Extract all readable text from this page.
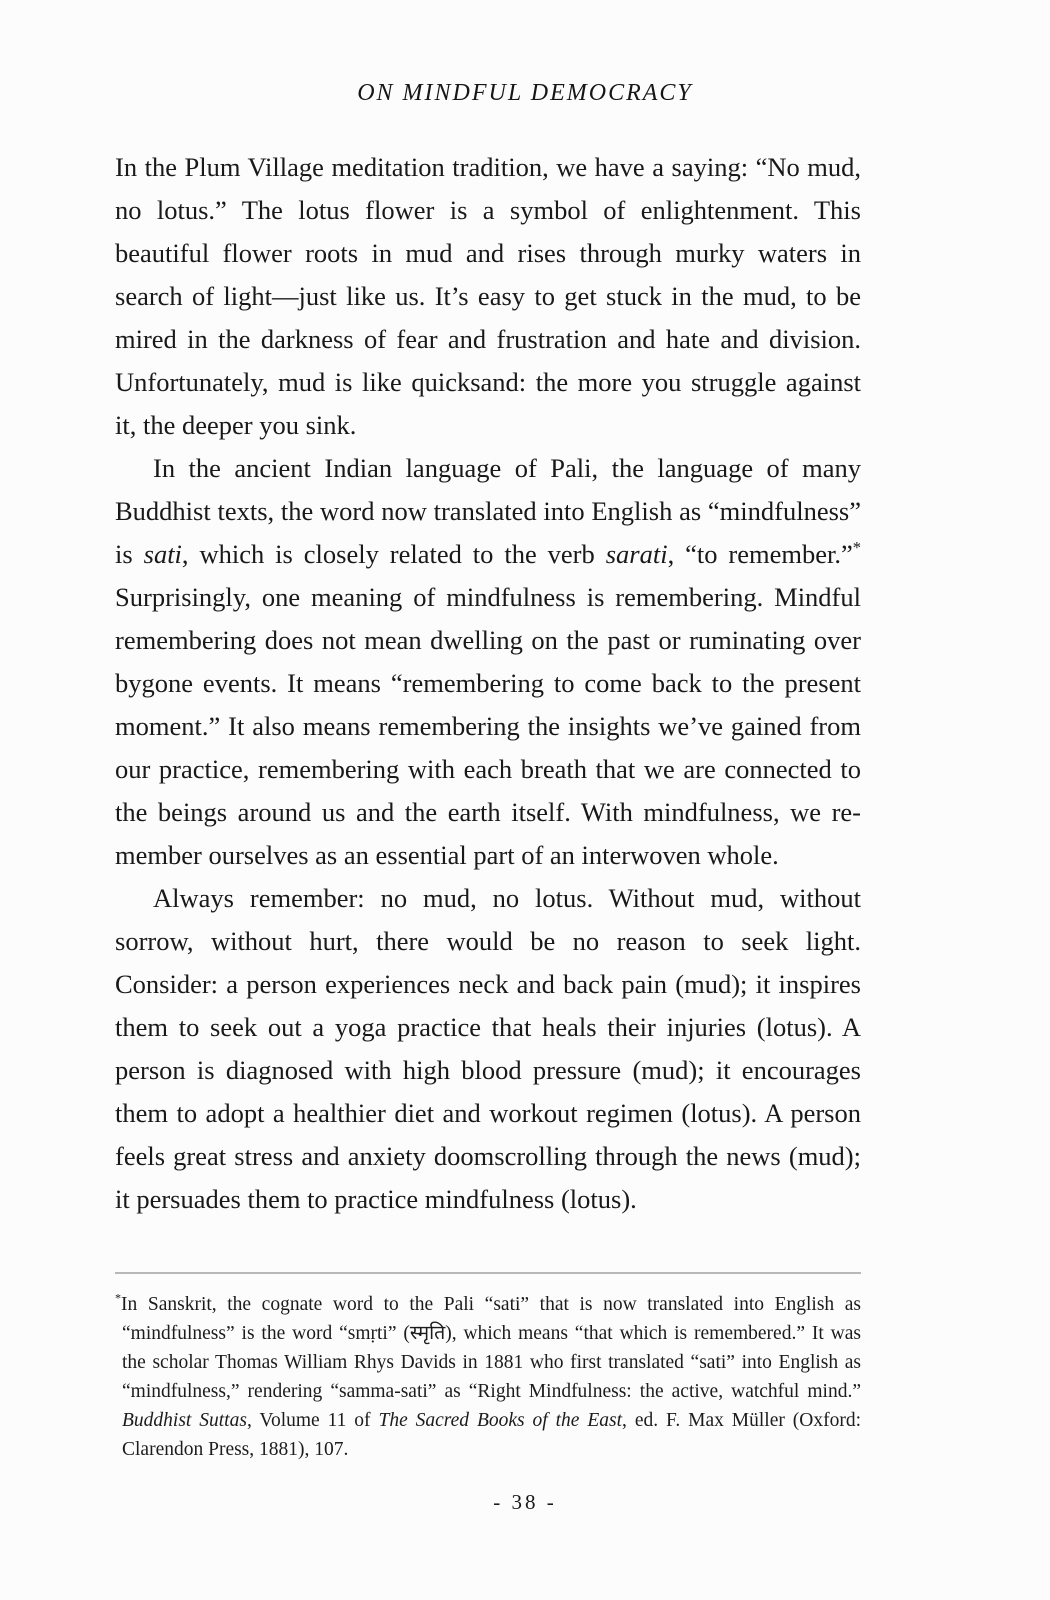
ON MINDFUL DEMOCRACY

In the Plum Village meditation tradition, we have a saying: “No mud, no lotus.” The lotus flower is a symbol of enlightenment. This beautiful flower roots in mud and rises through murky waters in search of light—just like us. It’s easy to get stuck in the mud, to be mired in the darkness of fear and frustration and hate and division. Unfortunately, mud is like quicksand: the more you struggle against it, the deeper you sink.

In the ancient Indian language of Pali, the language of many Buddhist texts, the word now translated into English as “mindfulness” is sati, which is closely related to the verb sarati, “to remember.”* Surprisingly, one meaning of mindfulness is remembering. Mindful remembering does not mean dwelling on the past or ruminating over bygone events. It means “remembering to come back to the present moment.” It also means remembering the insights we’ve gained from our practice, remembering with each breath that we are connected to the beings around us and the earth itself. With mindfulness, we re-member ourselves as an essential part of an interwoven whole.

Always remember: no mud, no lotus. Without mud, without sorrow, without hurt, there would be no reason to seek light. Consider: a person experiences neck and back pain (mud); it inspires them to seek out a yoga practice that heals their injuries (lotus). A person is diagnosed with high blood pressure (mud); it encourages them to adopt a healthier diet and workout regimen (lotus). A person feels great stress and anxiety doomscrolling through the news (mud); it persuades them to practice mindfulness (lotus).

*In Sanskrit, the cognate word to the Pali “sati” that is now translated into English as “mindfulness” is the word “smṛti” (स्मृति), which means “that which is remembered.” It was the scholar Thomas William Rhys Davids in 1881 who first translated “sati” into English as “mindfulness,” rendering “samma-sati” as “Right Mindfulness: the active, watchful mind.” Buddhist Suttas, Volume 11 of The Sacred Books of the East, ed. F. Max Müller (Oxford: Clarendon Press, 1881), 107.

- 38 -
